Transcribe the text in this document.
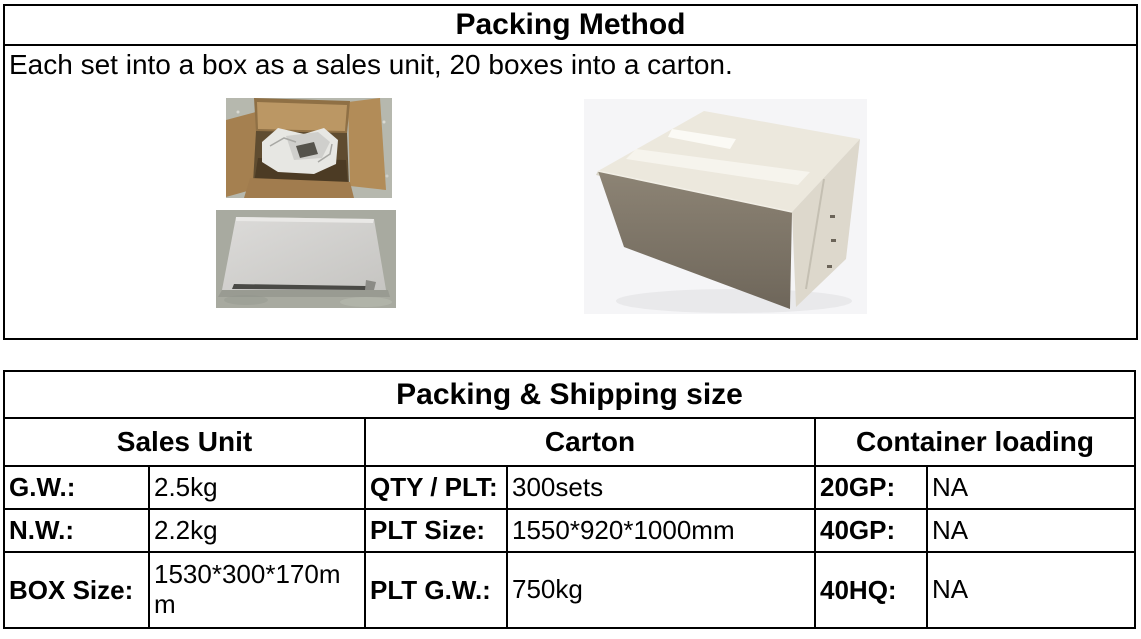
Packing Method
Each set into a box as a sales unit, 20 boxes into a carton.
Packing & Shipping size					
Sales Unit		Carton		Container loading	
G.W.:	2.5kg	QTY / PLT:	300sets	20GP:	NA
N.W.:	2.2kg	PLT Size:	1550*920*1000mm	40GP:	NA
BOX Size:	1530*300*170mm	PLT G.W.:	750kg	40HQ:	NA
